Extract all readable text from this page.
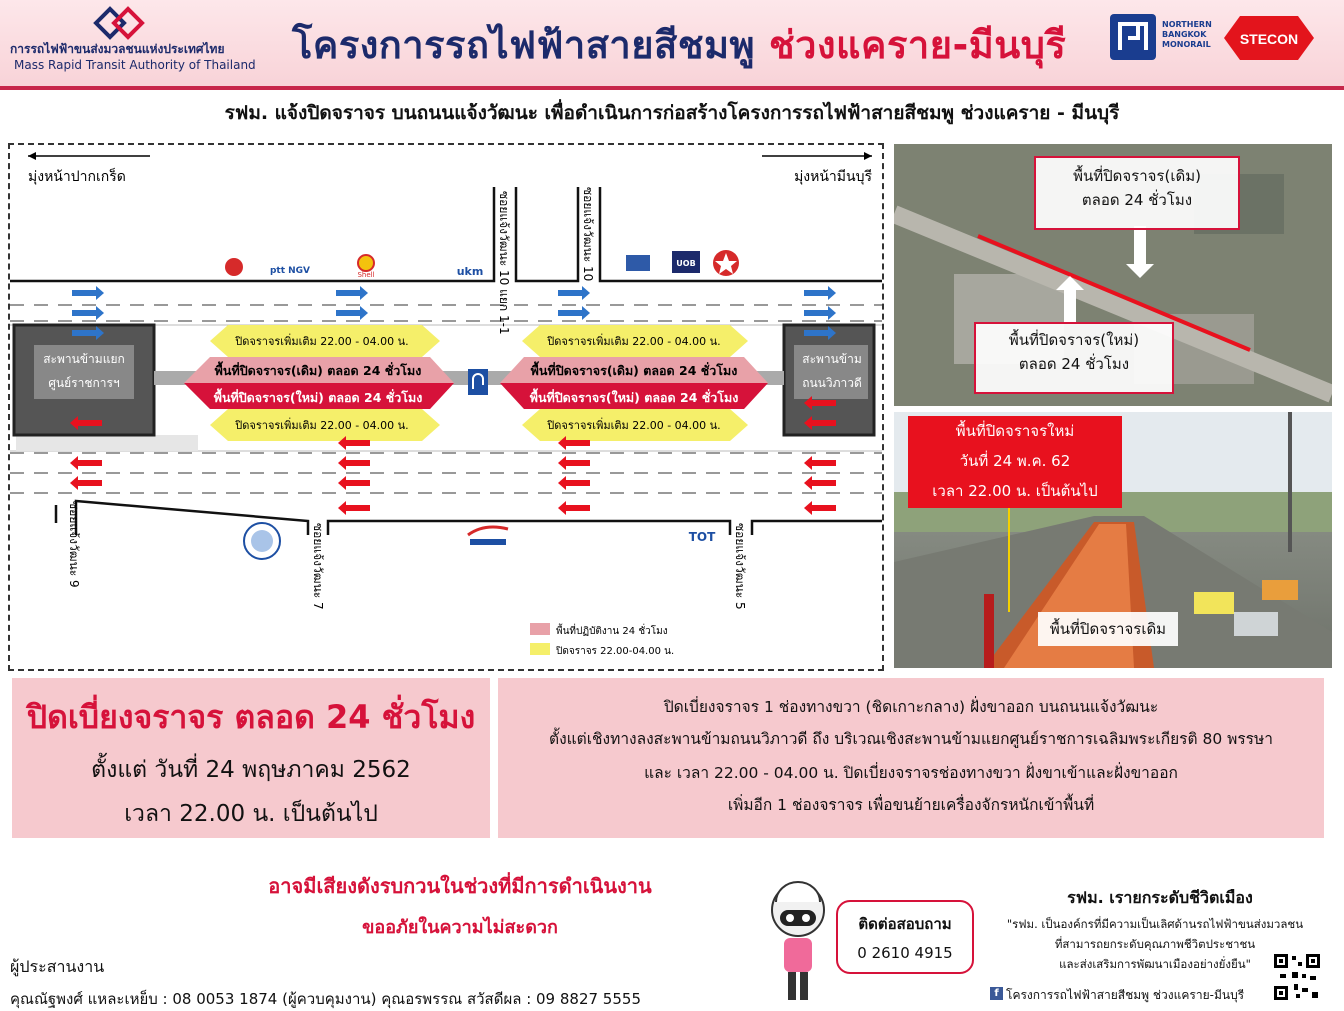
การรถไฟฟ้าขนส่งมวลชนแห่งประเทศไทย
Mass Rapid Transit Authority of Thailand โครงการรถไฟฟ้าสายสีชมพู ช่วงแคราย-มีนบุรี	NORTHERN
BANGKOK
MONORAIL STECON
รฟม. แจ้งปิดจราจร บนถนนแจ้งวัฒนะ เพื่อดำเนินการก่อสร้างโครงการรถไฟฟ้าสายสีชมพู ช่วงแคราย - มีนบุรี
มุ่งหน้าปากเกร็ด	มุ่งหน้ามีนบุรี
สะพานข้ามแยก
ศูนย์ราชการฯ
สะพานข้าม
ถนนวิภาวดี
ปิดจราจรเพิ่มเติม 22.00 - 04.00 น.
พื้นที่ปิดจราจร(เดิม) ตลอด 24 ชั่วโมง
พื้นที่ปิดจราจร(ใหม่) ตลอด 24 ชั่วโมง
ปิดจราจรเพิ่มเติม 22.00 - 04.00 น.
ปิดจราจรเพิ่มเติม 22.00 - 04.00 น.
พื้นที่ปิดจราจร(เดิม) ตลอด 24 ชั่วโมง
พื้นที่ปิดจราจร(ใหม่) ตลอด 24 ชั่วโมง
ปิดจราจรเพิ่มเติม 22.00 - 04.00 น.
ซอยแจ้งวัฒนะ 10 แยก 1-1	ซอยแจ้งวัฒนะ 10
ซอยแจ้งวัฒนะ 9	ซอยแจ้งวัฒนะ 7	ซอยแจ้งวัฒนะ 5
ptt NGV	Shell	ukm
UOB
TOT
พื้นที่ปฏิบัติงาน 24 ชั่วโมง
ปิดจราจร 22.00-04.00 น.
พื้นที่ปิดจราจร(เดิม)
ตลอด 24 ชั่วโมง
พื้นที่ปิดจราจร(ใหม่)
ตลอด 24 ชั่วโมง
พื้นที่ปิดจราจรใหม่
วันที่ 24 พ.ค. 62
เวลา 22.00 น. เป็นต้นไป
พื้นที่ปิดจราจรเดิม
ปิดเบี่ยงจราจร ตลอด 24 ชั่วโมง
ตั้งแต่ วันที่ 24 พฤษภาคม 2562
เวลา 22.00 น. เป็นต้นไป
ปิดเบี่ยงจราจร 1 ช่องทางขวา (ชิดเกาะกลาง) ฝั่งขาออก บนถนนแจ้งวัฒนะ
ตั้งแต่เชิงทางลงสะพานข้ามถนนวิภาวดี ถึง บริเวณเชิงสะพานข้ามแยกศูนย์ราชการเฉลิมพระเกียรติ 80 พรรษา
และ เวลา 22.00 - 04.00 น. ปิดเบี่ยงจราจรช่องทางขวา ฝั่งขาเข้าและฝั่งขาออก
เพิ่มอีก 1 ช่องจราจร เพื่อขนย้ายเครื่องจักรหนักเข้าพื้นที่
อาจมีเสียงดังรบกวนในช่วงที่มีการดำเนินงาน
ขออภัยในความไม่สะดวก
ผู้ประสานงาน
คุณณัฐพงศ์ แหละเหย็บ : 08 0053 1874 (ผู้ควบคุมงาน) คุณอรพรรณ สวัสดีผล : 09 8827 5555
ติดต่อสอบถาม
0 2610 4915
รฟม. เรายกระดับชีวิตเมือง
"รฟม. เป็นองค์กรที่มีความเป็นเลิศด้านรถไฟฟ้าขนส่งมวลชน
ที่สามารถยกระดับคุณภาพชีวิตประชาชน
และส่งเสริมการพัฒนาเมืองอย่างยั่งยืน"
f โครงการรถไฟฟ้าสายสีชมพู ช่วงแคราย-มีนบุรี
